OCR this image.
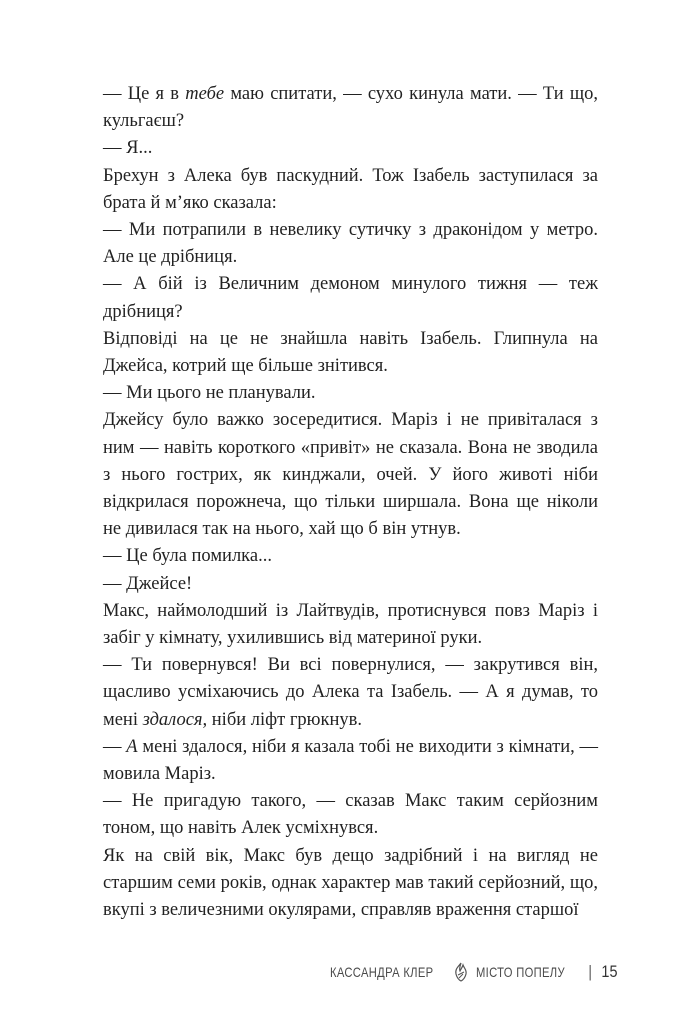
— Це я в тебе маю спитати, — сухо кинула мати. — Ти що, кульгаєш?

— Я...

Брехун з Алека був паскудний. Тож Ізабель заступилася за брата й м’яко сказала:

— Ми потрапили в невелику сутичку з драконідом у метро. Але це дрібниця.

— А бій із Величним демоном минулого тижня — теж дрібниця?

Відповіді на це не знайшла навіть Ізабель. Глипнула на Джейса, котрий ще більше знітився.

— Ми цього не планували.

Джейсу було важко зосередитися. Маріз і не привіталася з ним — навіть короткого «привіт» не сказала. Вона не зводила з нього гострих, як кинджали, очей. У його животі ніби відкрилася порожнеча, що тільки ширшала. Вона ще ніколи не дивилася так на нього, хай що б він утнув.

— Це була помилка...

— Джейсе!

Макс, наймолодший із Лайтвудів, протиснувся повз Маріз і забіг у кімнату, ухилившись від материної руки.

— Ти повернувся! Ви всі повернулися, — закрутився він, щасливо усміхаючись до Алека та Ізабель. — А я думав, то мені здалося, ніби ліфт грюкнув.

— А мені здалося, ніби я казала тобі не виходити з кімнати, — мовила Маріз.

— Не пригадую такого, — сказав Макс таким серйозним тоном, що навіть Алек усміхнувся.

Як на свій вік, Макс був дещо задрібний і на вигляд не старшим семи років, однак характер мав такий серйозний, що, вкупі з величезними окулярами, справляв враження старшої

КАССАНДРА КЛЕР	МІСТО ПОПЕЛУ | 15
